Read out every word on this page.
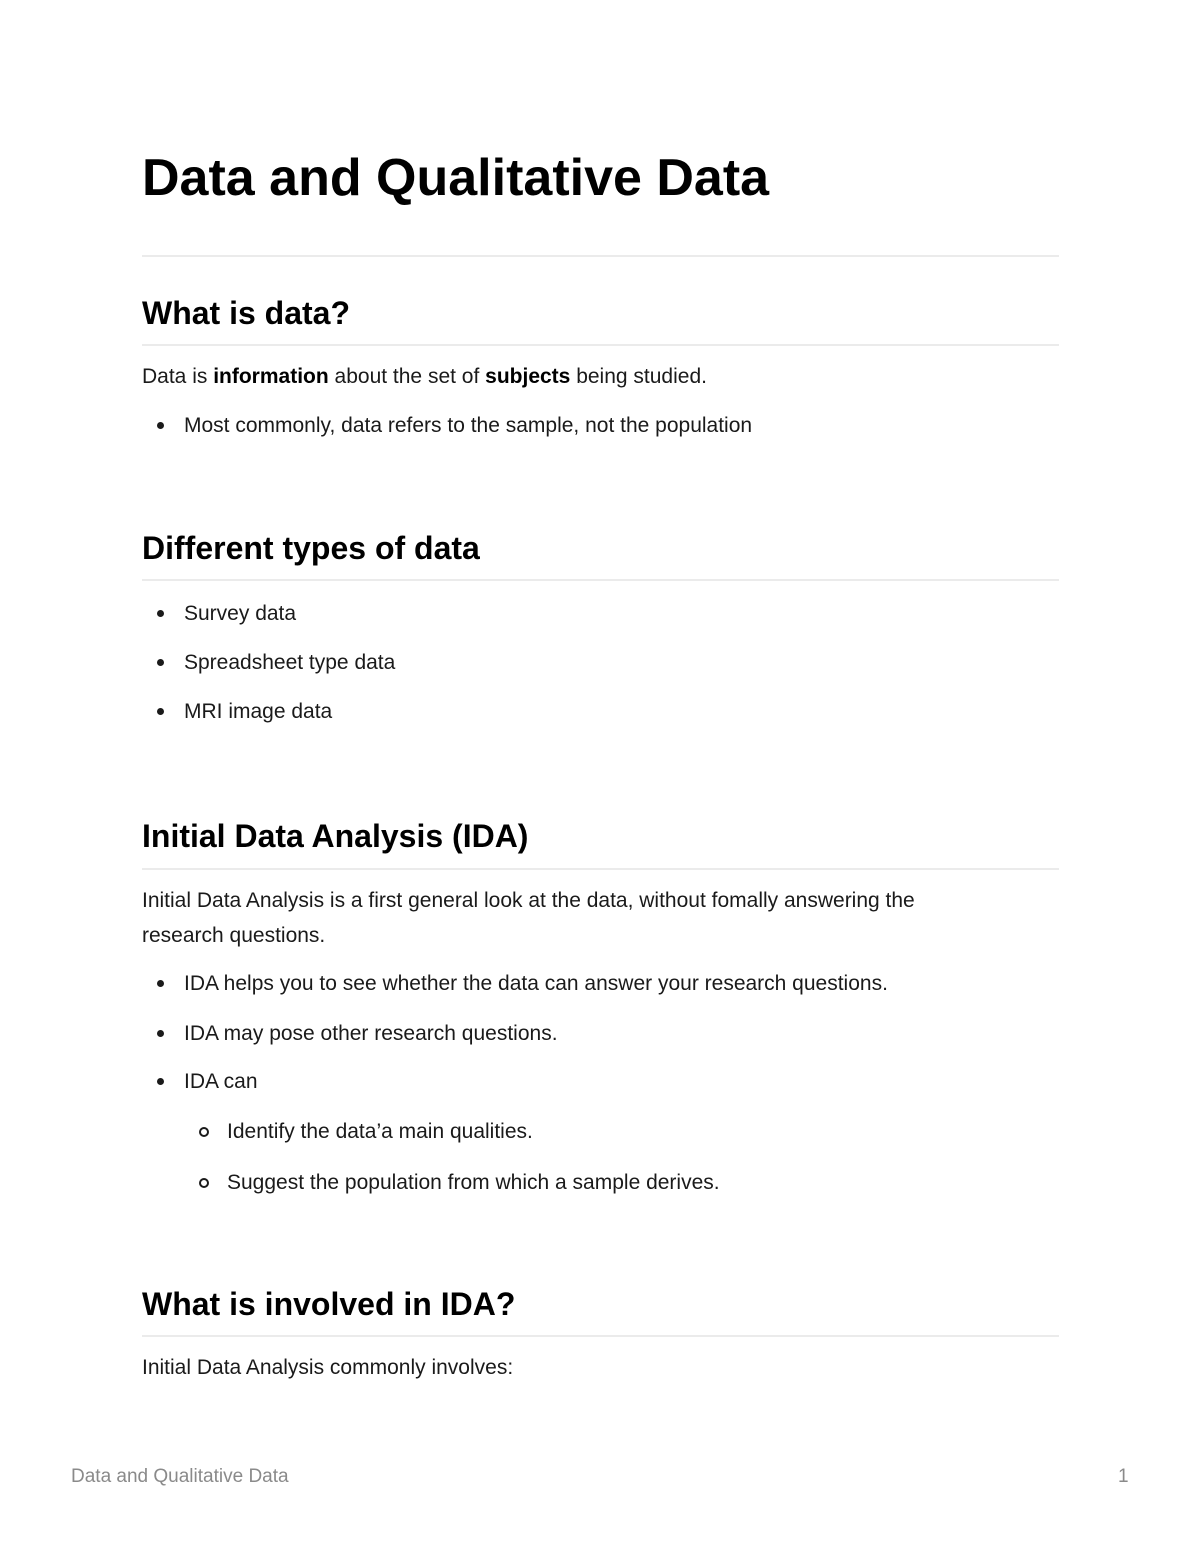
Data and Qualitative Data
What is data?

Data is information about the set of subjects being studied.

Most commonly, data refers to the sample, not the population
Different types of data
Survey data
Spreadsheet type data
MRI image data
Initial Data Analysis (IDA)
Initial Data Analysis is a first general look at the data, without fomally answering the
research questions.
IDA helps you to see whether the data can answer your research questions.
IDA may pose other research questions.
IDA can
Identify the data’a main qualities.
Suggest the population from which a sample derives.
What is involved in IDA?

Initial Data Analysis commonly involves:

Data and Qualitative Data	1
